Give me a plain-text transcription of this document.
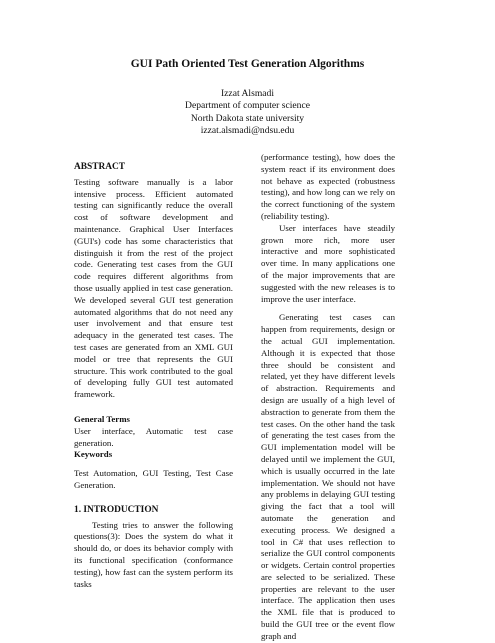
GUI Path Oriented Test Generation Algorithms
Izzat Alsmadi
Department of computer science
North Dakota state university
izzat.alsmadi@ndsu.edu
ABSTRACT

Testing software manually is a labor intensive process. Efficient automated testing can significantly reduce the overall cost of software development and maintenance. Graphical User Interfaces (GUI's) code has some characteristics that distinguish it from the rest of the project code. Generating test cases from the GUI code requires different algorithms from those usually applied in test case generation. We developed several GUI test generation automated algorithms that do not need any user involvement and that ensure test adequacy in the generated test cases. The test cases are generated from an XML GUI model or tree that represents the GUI structure. This work contributed to the goal of developing fully GUI test automated framework.

General Terms

User interface, Automatic test case generation.

Keywords

Test Automation, GUI Testing, Test Case Generation.

1. INTRODUCTION

Testing tries to answer the following questions(3): Does the system do what it should do, or does its behavior comply with its functional specification (conformance testing), how fast can the system perform its tasks

(performance testing), how does the system react if its environment does not behave as expected (robustness testing), and how long can we rely on the correct functioning of the system (reliability testing).

User interfaces have steadily grown more rich, more user interactive and more sophisticated over time. In many applications one of the major improvements that are suggested with the new releases is to improve the user interface.

Generating test cases can happen from requirements, design or the actual GUI implementation. Although it is expected that those three should be consistent and related, yet they have different levels of abstraction. Requirements and design are usually of a high level of abstraction to generate from them the test cases. On the other hand the task of generating the test cases from the GUI implementation model will be delayed until we implement the GUI, which is usually occurred in the late implementation. We should not have any problems in delaying GUI testing giving the fact that a tool will automate the generation and executing process. We designed a tool in C# that uses reflection to serialize the GUI control components or widgets. Certain control properties are selected to be serialized. These properties are relevant to the user interface. The application then uses the XML file that is produced to build the GUI tree or the event flow graph and
